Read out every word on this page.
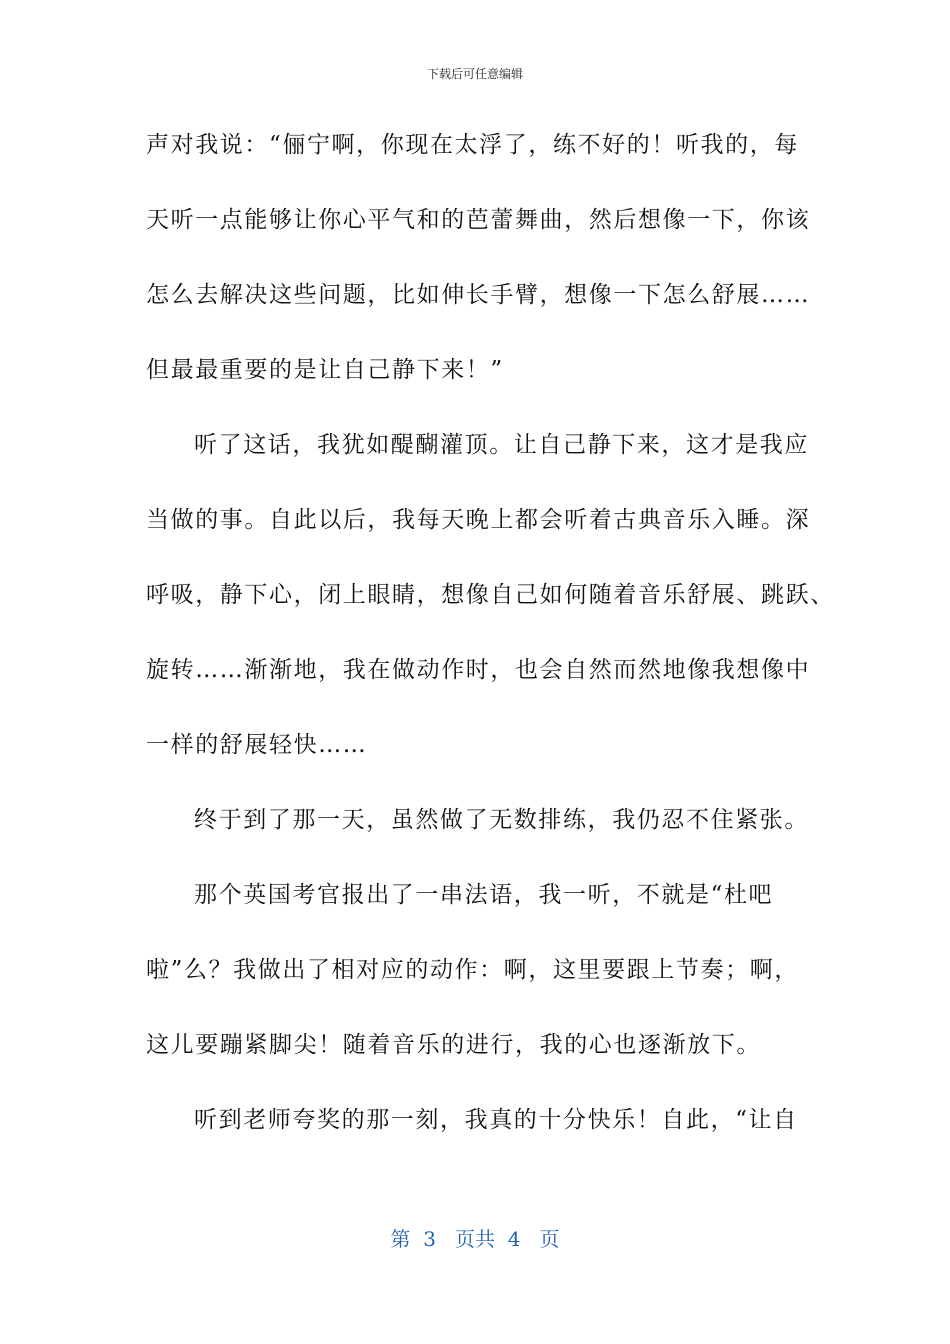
下载后可任意编辑
声对我说：“俪宁啊，你现在太浮了，练不好的！听我的，每
天听一点能够让你心平气和的芭蕾舞曲，然后想像一下，你该
怎么去解决这些问题，比如伸长手臂，想像一下怎么舒展……
但最最重要的是让自己静下来！”
听了这话，我犹如醍醐灌顶。让自己静下来，这才是我应
当做的事。自此以后，我每天晚上都会听着古典音乐入睡。深
呼吸，静下心，闭上眼睛，想像自己如何随着音乐舒展、跳跃、
旋转……渐渐地，我在做动作时，也会自然而然地像我想像中
一样的舒展轻快……
终于到了那一天，虽然做了无数排练，我仍忍不住紧张。
那个英国考官报出了一串法语，我一听，不就是“杜吧
啦”么？我做出了相对应的动作：啊，这里要跟上节奏；啊，
这儿要蹦紧脚尖！随着音乐的进行，我的心也逐渐放下。
听到老师夸奖的那一刻，我真的十分快乐！自此，“让自
第  3   页共  4   页
